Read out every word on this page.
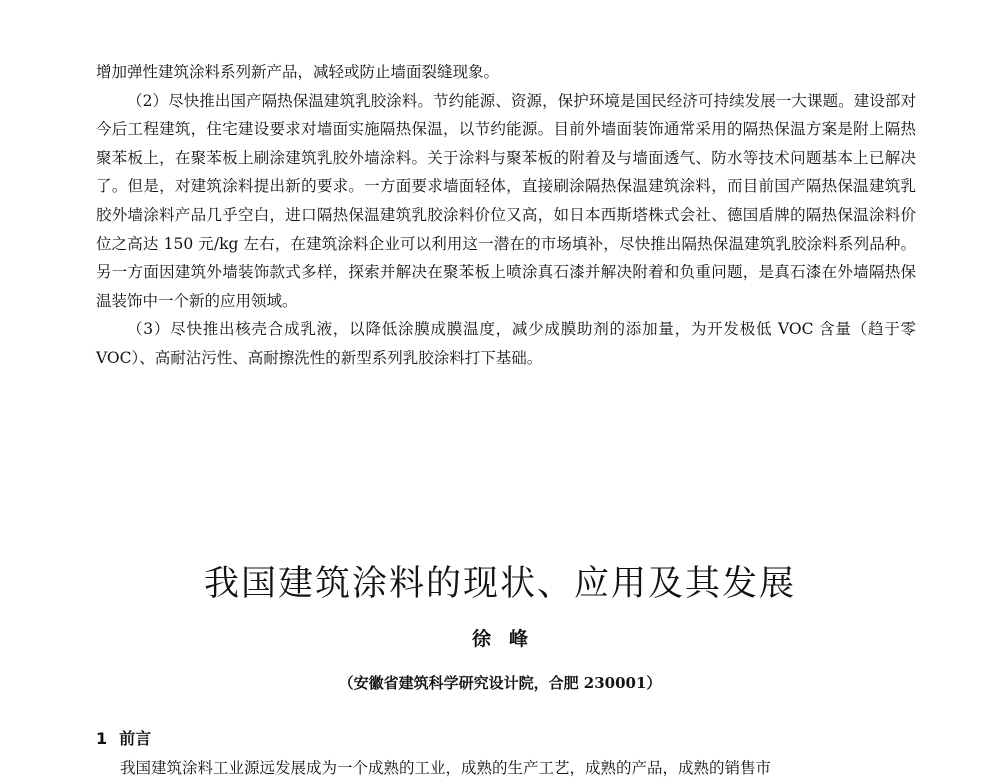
增加弹性建筑涂料系列新产品，减轻或防止墙面裂缝现象。

（2）尽快推出国产隔热保温建筑乳胶涂料。节约能源、资源，保护环境是国民经济可持续发展一大课题。建设部对今后工程建筑，住宅建设要求对墙面实施隔热保温，以节约能源。目前外墙面装饰通常采用的隔热保温方案是附上隔热聚苯板上，在聚苯板上刷涂建筑乳胶外墙涂料。关于涂料与聚苯板的附着及与墙面透气、防水等技术问题基本上已解决了。但是，对建筑涂料提出新的要求。一方面要求墙面轻体，直接刷涂隔热保温建筑涂料，而目前国产隔热保温建筑乳胶外墙涂料产品几乎空白，进口隔热保温建筑乳胶涂料价位又高，如日本西斯塔株式会社、德国盾牌的隔热保温涂料价位之高达 150 元/kg 左右，在建筑涂料企业可以利用这一潜在的市场填补，尽快推出隔热保温建筑乳胶涂料系列品种。另一方面因建筑外墙装饰款式多样，探索并解决在聚苯板上喷涂真石漆并解决附着和负重问题，是真石漆在外墙隔热保温装饰中一个新的应用领域。

（3）尽快推出核壳合成乳液，以降低涂膜成膜温度，减少成膜助剂的添加量，为开发极低 VOC 含量（趋于零 VOC）、高耐沾污性、高耐擦洗性的新型系列乳胶涂料打下基础。

我国建筑涂料的现状、应用及其发展
徐峰
（安徽省建筑科学研究设计院，合肥 230001）
1 前言
我国建筑涂料工业源远发展成为一个成熟的工业，成熟的生产工艺，成熟的产品，成熟的销售市
